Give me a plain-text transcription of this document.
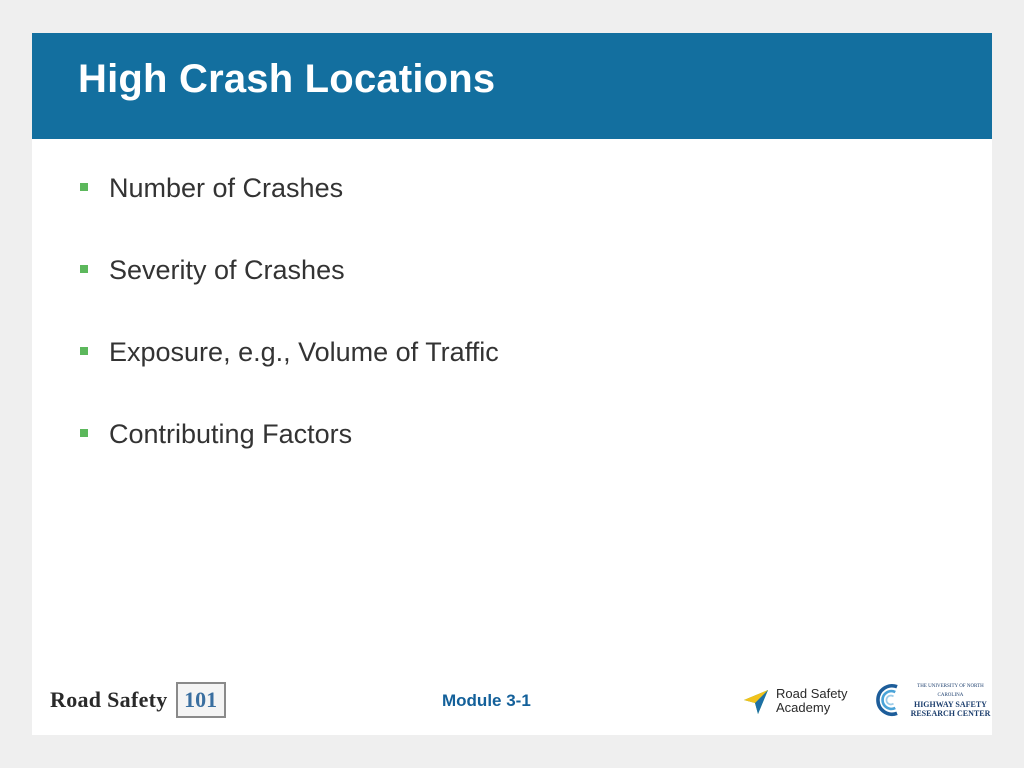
High Crash Locations
Number of Crashes
Severity of Crashes
Exposure, e.g., Volume of Traffic
Contributing Factors
Road Safety 101	Module 3-1	Road Safety
Academy
THE UNIVERSITY OF NORTH CAROLINA
HIGHWAY SAFETY
RESEARCH CENTER
